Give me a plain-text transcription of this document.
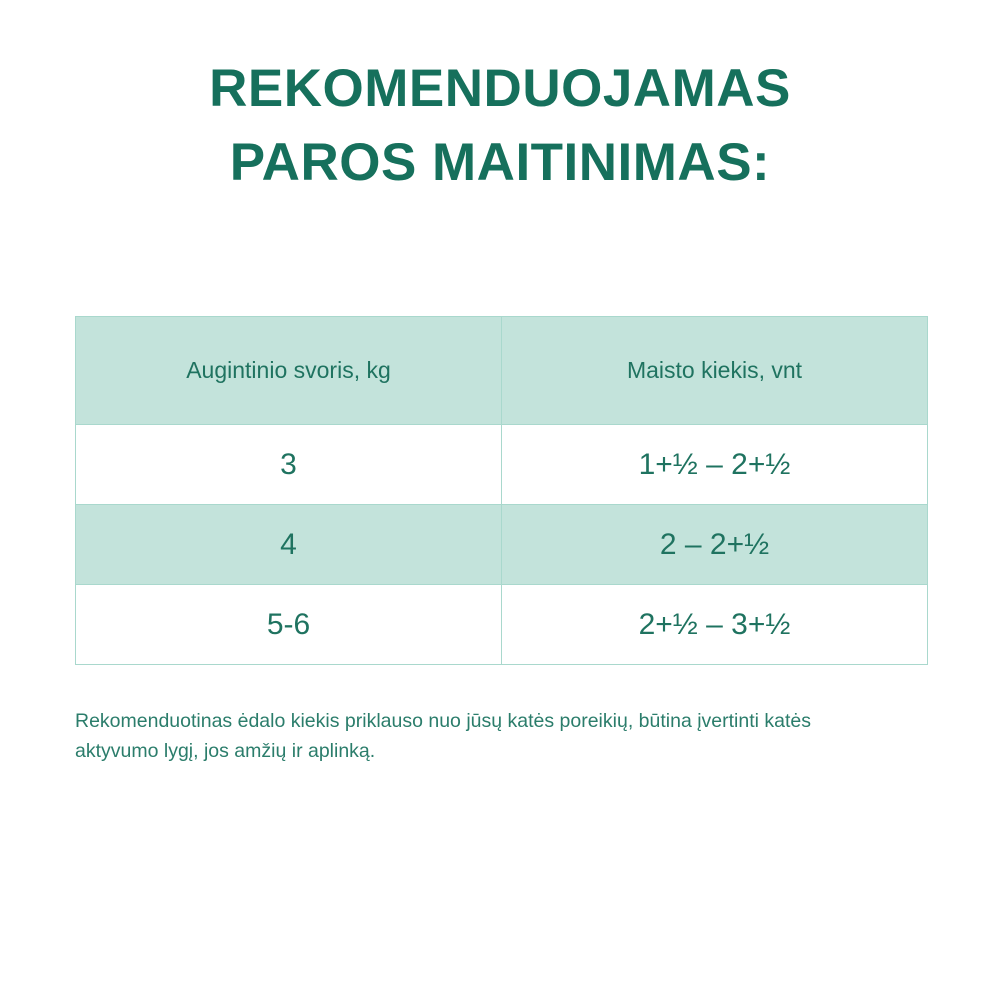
REKOMENDUOJAMAS
PAROS MAITINIMAS:
Augintinio svoris, kg	Maisto kiekis, vnt
3	1+½ – 2+½
4	2 – 2+½
5-6	2+½ – 3+½

Rekomenduotinas ėdalo kiekis priklauso nuo jūsų katės poreikių, būtina įvertinti katės aktyvumo lygį, jos amžių ir aplinką.
